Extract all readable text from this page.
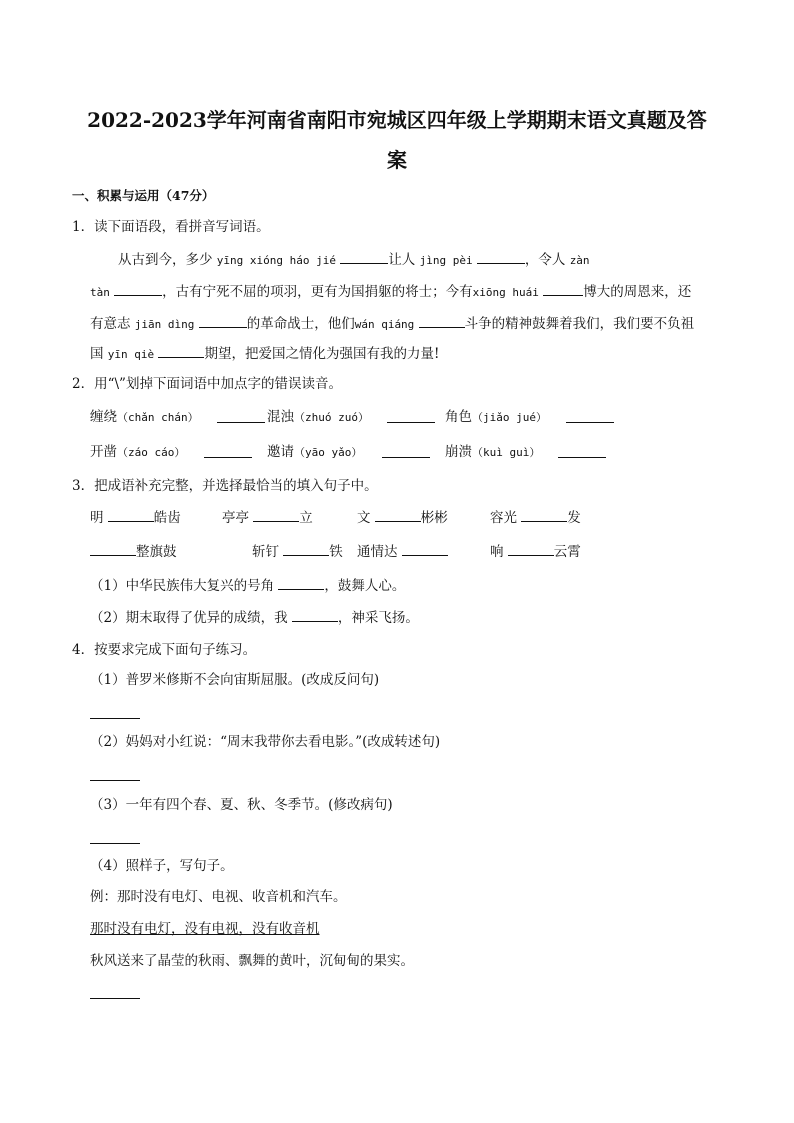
2022-2023学年河南省南阳市宛城区四年级上学期期末语文真题及答
案
一、积累与运用（47分）
1．读下面语段，看拼音写词语。
从古到今，多少 yīng xióng háo jié	让人 jìng pèi	，令人 zàn
tàn	，古有宁死不屈的项羽，更有为国捐躯的将士；今有xiōng huái	博大的周恩来，还
有意志 jiān dìng	的革命战士，他们wán qiáng	斗争的精神鼓舞着我们，我们要不负祖
国 yīn qiè	期望，把爱国之情化为强国有我的力量!
2．用“\”划掉下面词语中加点字的错误读音。
缠绕（chǎn chán）	混浊（zhuó zuó）	角色（jiǎo jué）
开凿（záo cáo）	邀请（yāo yǎo）	崩溃（kuì guì）
3．把成语补充完整，并选择最恰当的填入句子中。
明	皓齿	亭亭	立	文	彬彬	容光	发
整旗鼓	斩钉	铁 通情达	响	云霄
（1）中华民族伟大复兴的号角	，鼓舞人心。
（2）期末取得了优异的成绩，我	，神采飞扬。
4．按要求完成下面句子练习。
（1）普罗米修斯不会向宙斯屈服。(改成反问句)
（2）妈妈对小红说：“周末我带你去看电影。”(改成转述句)
（3）一年有四个春、夏、秋、冬季节。(修改病句)
（4）照样子，写句子。
例：那时没有电灯、电视、收音机和汽车。
那时没有电灯，没有电视，没有收音机
秋风送来了晶莹的秋雨、飘舞的黄叶，沉甸甸的果实。
